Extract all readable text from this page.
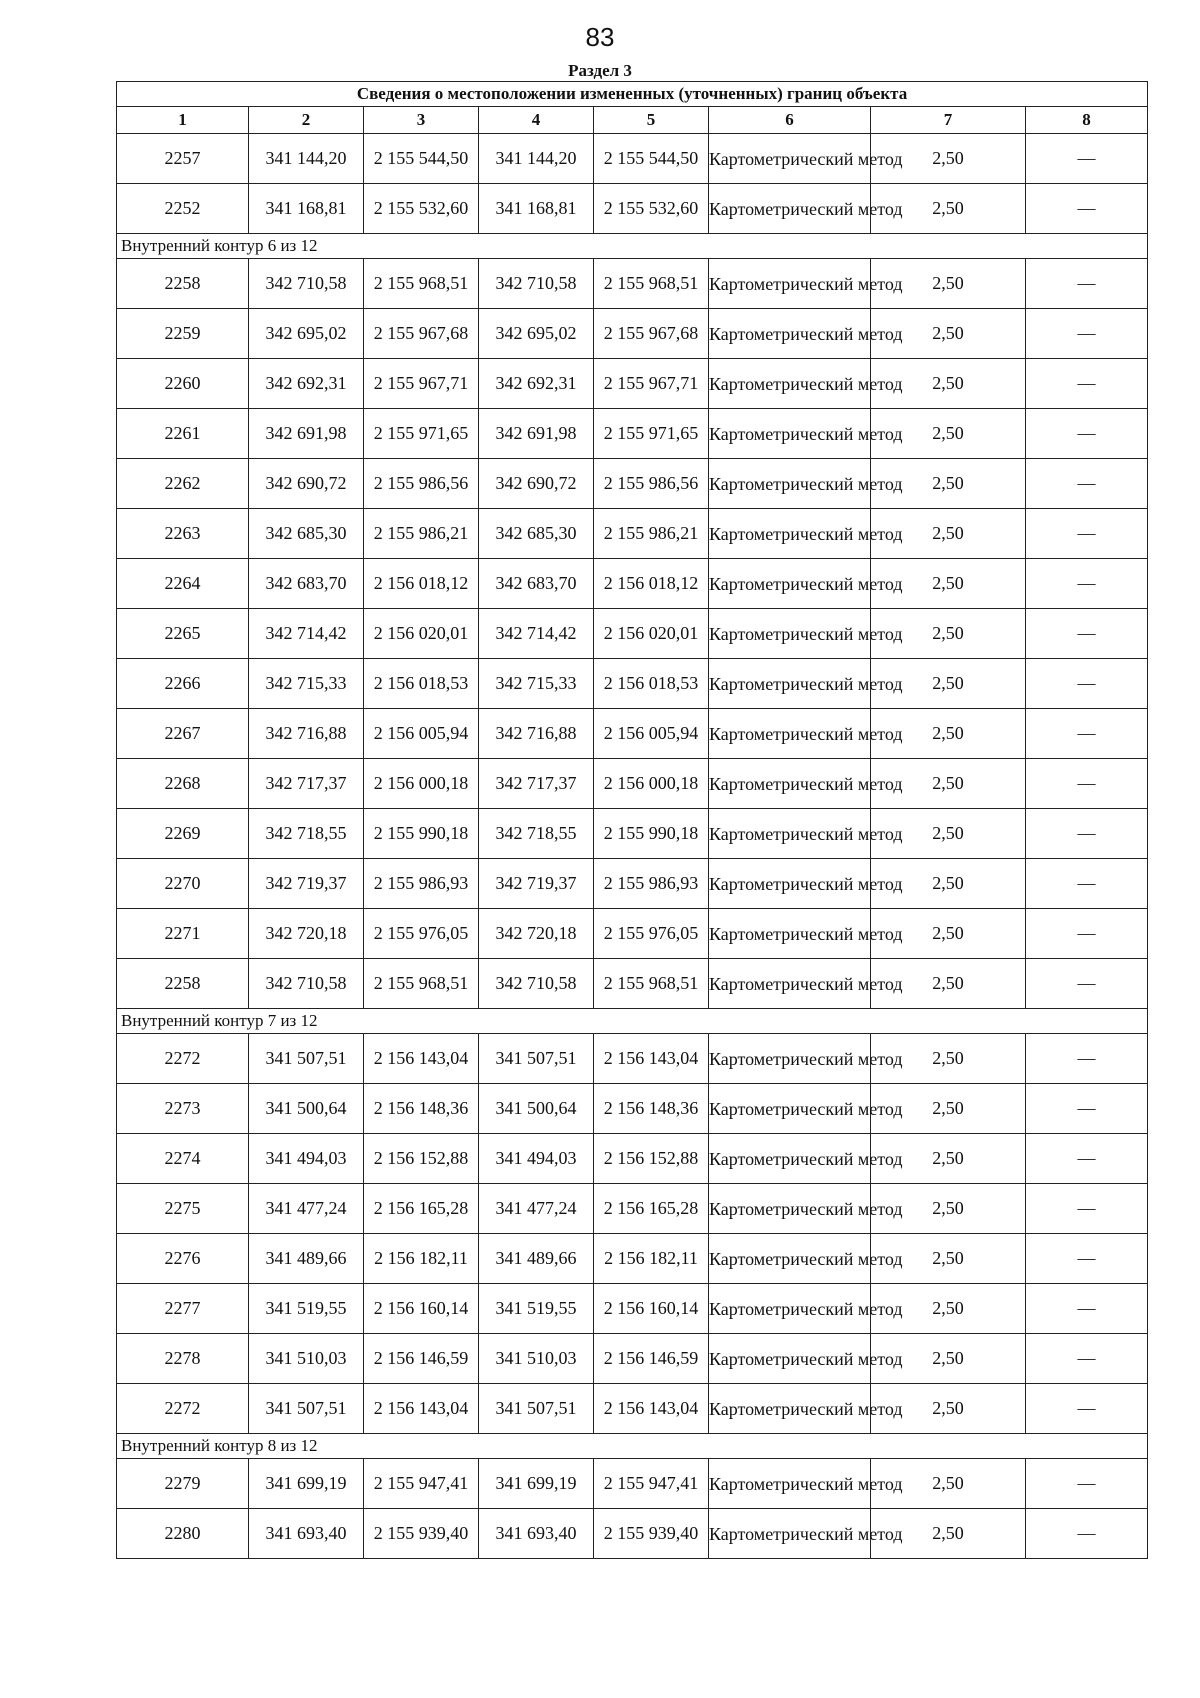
83
Раздел 3
Сведения о местоположении измененных (уточненных) границ объекта							
1	2	3	4	5	6	7	8
2257	341 144,20	2 155 544,50	341 144,20	2 155 544,50	Картометрический метод	2,50	—
2252	341 168,81	2 155 532,60	341 168,81	2 155 532,60	Картометрический метод	2,50	—
Внутренний контур 6 из 12							
2258	342 710,58	2 155 968,51	342 710,58	2 155 968,51	Картометрический метод	2,50	—
2259	342 695,02	2 155 967,68	342 695,02	2 155 967,68	Картометрический метод	2,50	—
2260	342 692,31	2 155 967,71	342 692,31	2 155 967,71	Картометрический метод	2,50	—
2261	342 691,98	2 155 971,65	342 691,98	2 155 971,65	Картометрический метод	2,50	—
2262	342 690,72	2 155 986,56	342 690,72	2 155 986,56	Картометрический метод	2,50	—
2263	342 685,30	2 155 986,21	342 685,30	2 155 986,21	Картометрический метод	2,50	—
2264	342 683,70	2 156 018,12	342 683,70	2 156 018,12	Картометрический метод	2,50	—
2265	342 714,42	2 156 020,01	342 714,42	2 156 020,01	Картометрический метод	2,50	—
2266	342 715,33	2 156 018,53	342 715,33	2 156 018,53	Картометрический метод	2,50	—
2267	342 716,88	2 156 005,94	342 716,88	2 156 005,94	Картометрический метод	2,50	—
2268	342 717,37	2 156 000,18	342 717,37	2 156 000,18	Картометрический метод	2,50	—
2269	342 718,55	2 155 990,18	342 718,55	2 155 990,18	Картометрический метод	2,50	—
2270	342 719,37	2 155 986,93	342 719,37	2 155 986,93	Картометрический метод	2,50	—
2271	342 720,18	2 155 976,05	342 720,18	2 155 976,05	Картометрический метод	2,50	—
2258	342 710,58	2 155 968,51	342 710,58	2 155 968,51	Картометрический метод	2,50	—
Внутренний контур 7 из 12							
2272	341 507,51	2 156 143,04	341 507,51	2 156 143,04	Картометрический метод	2,50	—
2273	341 500,64	2 156 148,36	341 500,64	2 156 148,36	Картометрический метод	2,50	—
2274	341 494,03	2 156 152,88	341 494,03	2 156 152,88	Картометрический метод	2,50	—
2275	341 477,24	2 156 165,28	341 477,24	2 156 165,28	Картометрический метод	2,50	—
2276	341 489,66	2 156 182,11	341 489,66	2 156 182,11	Картометрический метод	2,50	—
2277	341 519,55	2 156 160,14	341 519,55	2 156 160,14	Картометрический метод	2,50	—
2278	341 510,03	2 156 146,59	341 510,03	2 156 146,59	Картометрический метод	2,50	—
2272	341 507,51	2 156 143,04	341 507,51	2 156 143,04	Картометрический метод	2,50	—
Внутренний контур 8 из 12							
2279	341 699,19	2 155 947,41	341 699,19	2 155 947,41	Картометрический метод	2,50	—
2280	341 693,40	2 155 939,40	341 693,40	2 155 939,40	Картометрический метод	2,50	—
